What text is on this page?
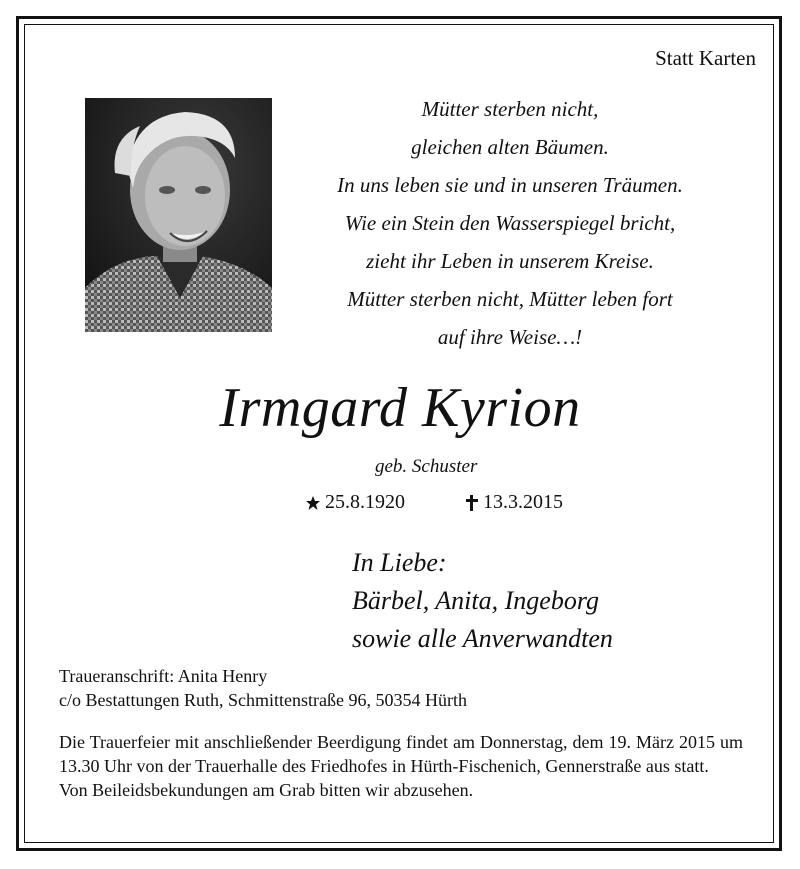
Statt Karten
Mütter sterben nicht,
gleichen alten Bäumen.
In uns leben sie und in unseren Träumen.
Wie ein Stein den Wasserspiegel bricht,
zieht ihr Leben in unserem Kreise.
Mütter sterben nicht, Mütter leben fort
auf ihre Weise…!
Irmgard Kyrion
geb. Schuster
25.8.1920	13.3.2015
In Liebe:
Bärbel, Anita, Ingeborg
sowie alle Anverwandten
Traueranschrift: Anita Henry
c/o Bestattungen Ruth, Schmittenstraße 96, 50354 Hürth
Die Trauerfeier mit anschließender Beerdigung findet am Donnerstag, dem 19. März 2015 um 13.30 Uhr von der Trauerhalle des Friedhofes in Hürth-Fischenich, Gennerstraße aus statt.
Von Beileidsbekundungen am Grab bitten wir abzusehen.
